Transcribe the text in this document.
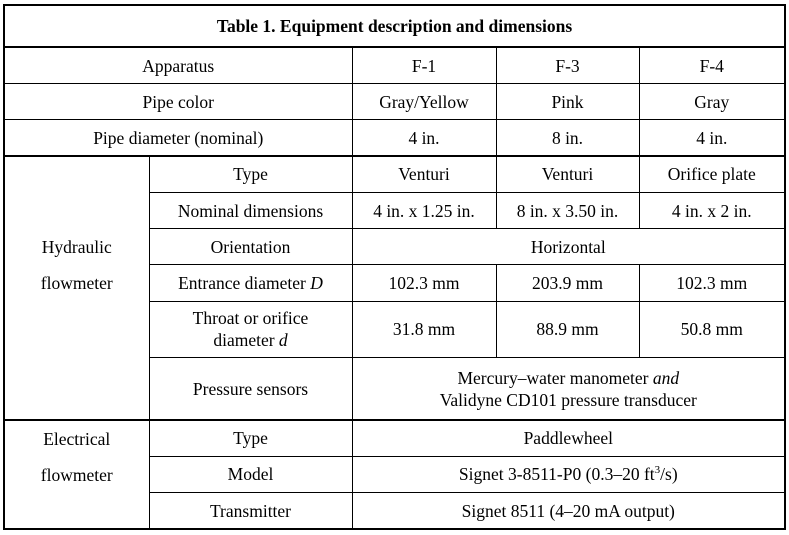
Table 1. Equipment description and dimensions				
Apparatus		F-1	F-3	F-4
Pipe color		Gray/Yellow	Pink	Gray
Pipe diameter (nominal)		4 in.	8 in.	4 in.
Hydraulic
flowmeter	Type	Venturi	Venturi	Orifice plate
	Nominal dimensions	4 in. x 1.25 in.	8 in. x 3.50 in.	4 in. x 2 in.
	Orientation	Horizontal		
	Entrance diameter D	102.3 mm	203.9 mm	102.3 mm
	Throat or orifice
diameter d	31.8 mm	88.9 mm	50.8 mm
	Pressure sensors	Mercury–water manometer and
Validyne CD101 pressure transducer		
Electrical
flowmeter	Type	Paddlewheel		
	Model	Signet 3-8511-P0 (0.3–20 $ft^3/s$)		
	Transmitter	Signet 8511 (4–20 mA output)		
